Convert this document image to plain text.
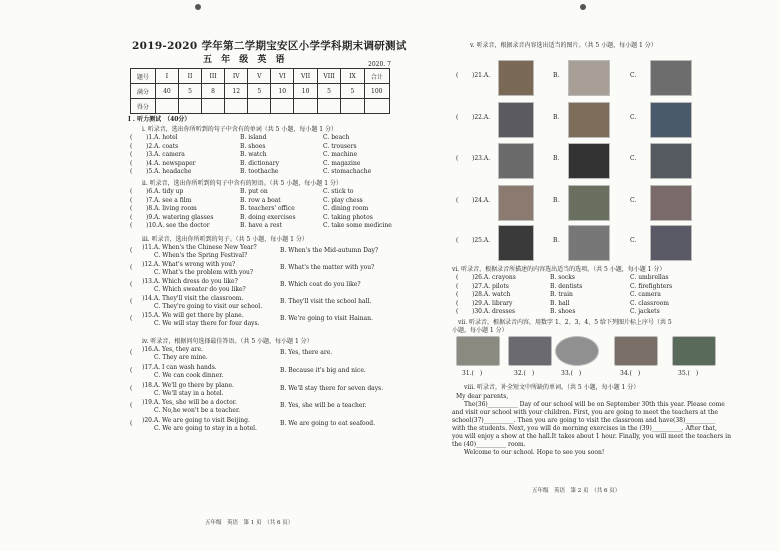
2019-2020 学年第二学期宝安区小学学科期末调研测试
五 年 级 英 语	2020. 7
题号	I	II	III	IV	V	VI	VII	VIII	IX	合计
满分	40	5	8	12	5	10	10	5	5	100
得分										
I . 听力测试　（40分）
i. 听录音，选出你所听到的句子中含有的单词（共 5 小题，每小题 1 分）
( )1.A. hotel	B. island	C. beach
( )2.A. coats	B. shoes	C. trousers
( )3.A. camera	B. watch	C. machine
( )4.A. newspaper	B. dictionary	C. magazine
( )5.A. headache	B. toothache	C. stomachache
ii. 听录音，选出你所听到的句子中含有的短语。（共 5 小题，每小题 1 分）
( )6.A. tidy up	B. put on	C. stick to
( )7.A. see a film	B. row a boat	C. play chess
( )8.A. living room	B. teachers' office	C. dining room
( )9.A. watering glasses	B. doing exercises	C. taking photos
( )10.A. see the doctor	B. have a rest	C. take some medicine
iii. 听录音，选出你所听到的句子。（共 5 小题，每小题 1 分）
( )11.A. When's the Chinese New Year?	B. When's the Mid-autumn Day?
C. When's the Spring Festival?
( )12.A. What's wrong with you?	B. What's the matter with you?
C. What's the problem with you?
( )13.A. Which dress do you like?	B. Which coat do you like?
C. Which sweater do you like?
( )14.A. They'll visit the classroom.	B. They'll visit the school hall.
C. They're going to visit our school.
( )15.A. We will get there by plane.	B. We're going to visit Hainan.
C. We will stay there for four days.
iv. 听录音，根据问句选择最佳答语。（共 5 小题，每小题 1 分）
( )16.A. Yes, they are.	B. Yes, there are.
C. They are mine.
( )17.A. I can wash hands.	B. Because it's big and nice.
C. We can cook dinner.
( )18.A. We'll go there by plane.	B. We'll stay there for seven days.
C. We'll stay in a hotel.
( )19.A. Yes, she will be a doctor.	B. Yes, she will be a teacher.
C. No,he won't be a teacher.
( )20.A. We are going to visit Beijing.	B. We are going to eat seafood.
C. We are going to stay in a hotel.
五年级　英语　第 1 页　（共 6 页）
v. 听录音，根据录音内容选出适当的图片。（共 5 小题，每小题 1 分）
( )21.A.	B.	C.
( )22.A.	B.	C.
( )23.A.	B.	C.
( )24.A.	B.	C.
( )25.A.	B.	C.
vi. 听录音，根据录音所描述的内容选出适当的选项。（共 5 小题，每小题 1 分）
( )26.A. crayons	B. socks	C. umbrellas
( )27.A. pilots	B. dentists	C. firefighters
( )28.A. watch	B. train	C. camera
( )29.A. library	B. hall	C. classroom
( )30.A. dresses	B. shoes	C. jackets
vii. 听录音，根据录音内容，用数字 1、2、3、4、5 给下列图片标上序号（共 5
小题，每小题 1 分）
31.(　)	32.(　)	33.(　)	34.(　)	35.(　)
viii. 听录音，补全短文中所缺的单词。（共 5 小题，每小题 1 分）
My dear parents,
The(36)__________ Day of our school will be on September 30th this year. Please come
and visit our school with your children. First, you are going to meet the teachers at the
school(37)__________. Then you are going to visit the classroom and have(38)__________
with the students. Next, you will do morning exercises in the (39)__________. After that,
you will enjoy a show at the hall.It takes about 1 hour. Finally, you will meet the teachers in
the (40)__________ room.
Welcome to our school. Hope to see you soon!
五年级　英语　第 2 页　（共 6 页）
